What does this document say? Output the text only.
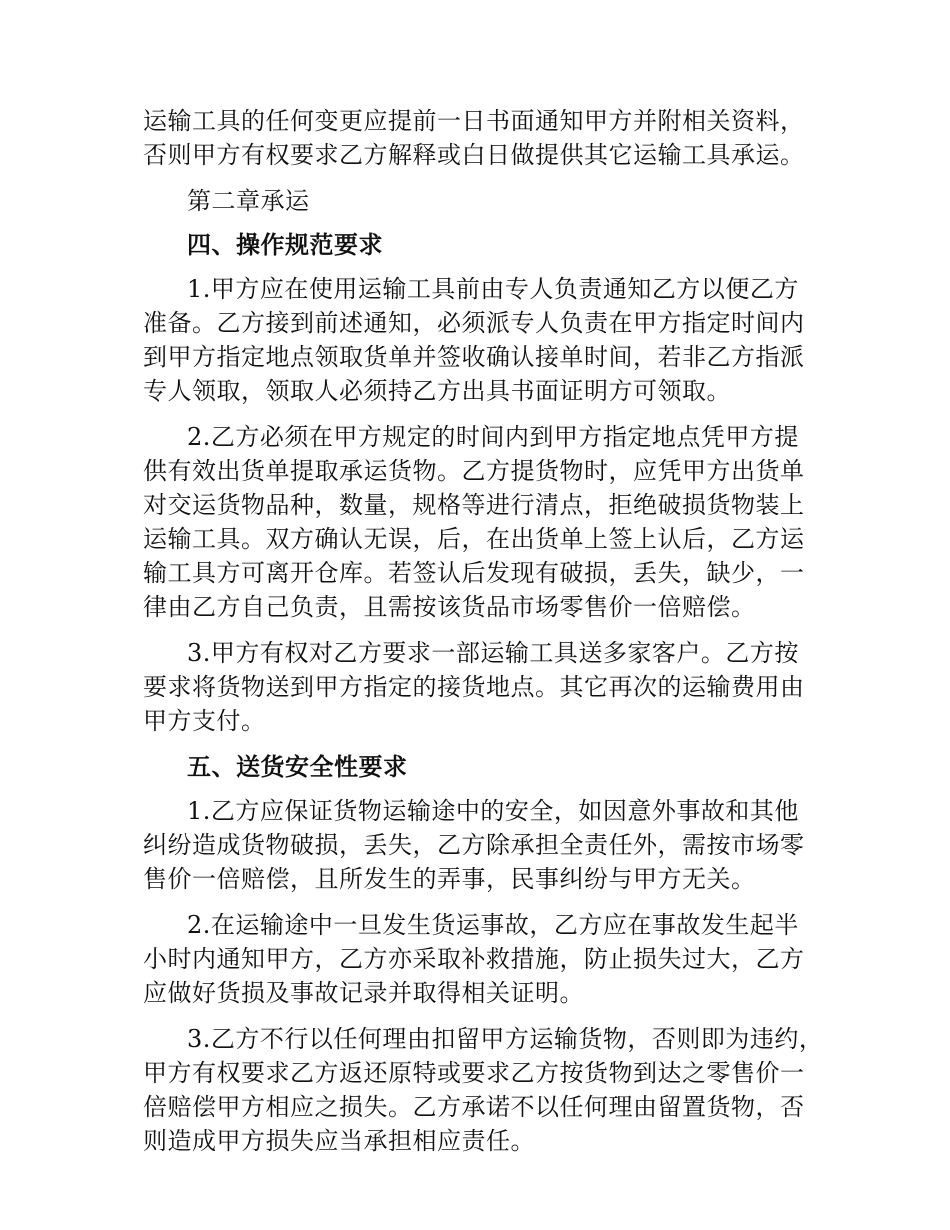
运输工具的任何变更应提前一日书面通知甲方并附相关资料，
否则甲方有权要求乙方解释或白日做提供其它运输工具承运。

第二章承运

四、操作规范要求

1.甲方应在使用运输工具前由专人负责通知乙方以便乙方
准备。乙方接到前述通知，必须派专人负责在甲方指定时间内
到甲方指定地点领取货单并签收确认接单时间，若非乙方指派
专人领取，领取人必须持乙方出具书面证明方可领取。

2.乙方必须在甲方规定的时间内到甲方指定地点凭甲方提
供有效出货单提取承运货物。乙方提货物时，应凭甲方出货单
对交运货物品种，数量，规格等进行清点，拒绝破损货物装上
运输工具。双方确认无误，后，在出货单上签上认后，乙方运
输工具方可离开仓库。若签认后发现有破损，丢失，缺少，一
律由乙方自己负责，且需按该货品市场零售价一倍赔偿。

3.甲方有权对乙方要求一部运输工具送多家客户。乙方按
要求将货物送到甲方指定的接货地点。其它再次的运输费用由
甲方支付。

五、送货安全性要求

1.乙方应保证货物运输途中的安全，如因意外事故和其他
纠纷造成货物破损，丢失，乙方除承担全责任外，需按市场零
售价一倍赔偿，且所发生的弄事，民事纠纷与甲方无关。

2.在运输途中一旦发生货运事故，乙方应在事故发生起半
小时内通知甲方，乙方亦采取补救措施，防止损失过大，乙方
应做好货损及事故记录并取得相关证明。

3.乙方不行以任何理由扣留甲方运输货物，否则即为违约，
甲方有权要求乙方返还原特或要求乙方按货物到达之零售价一
倍赔偿甲方相应之损失。乙方承诺不以任何理由留置货物，否
则造成甲方损失应当承担相应责任。
